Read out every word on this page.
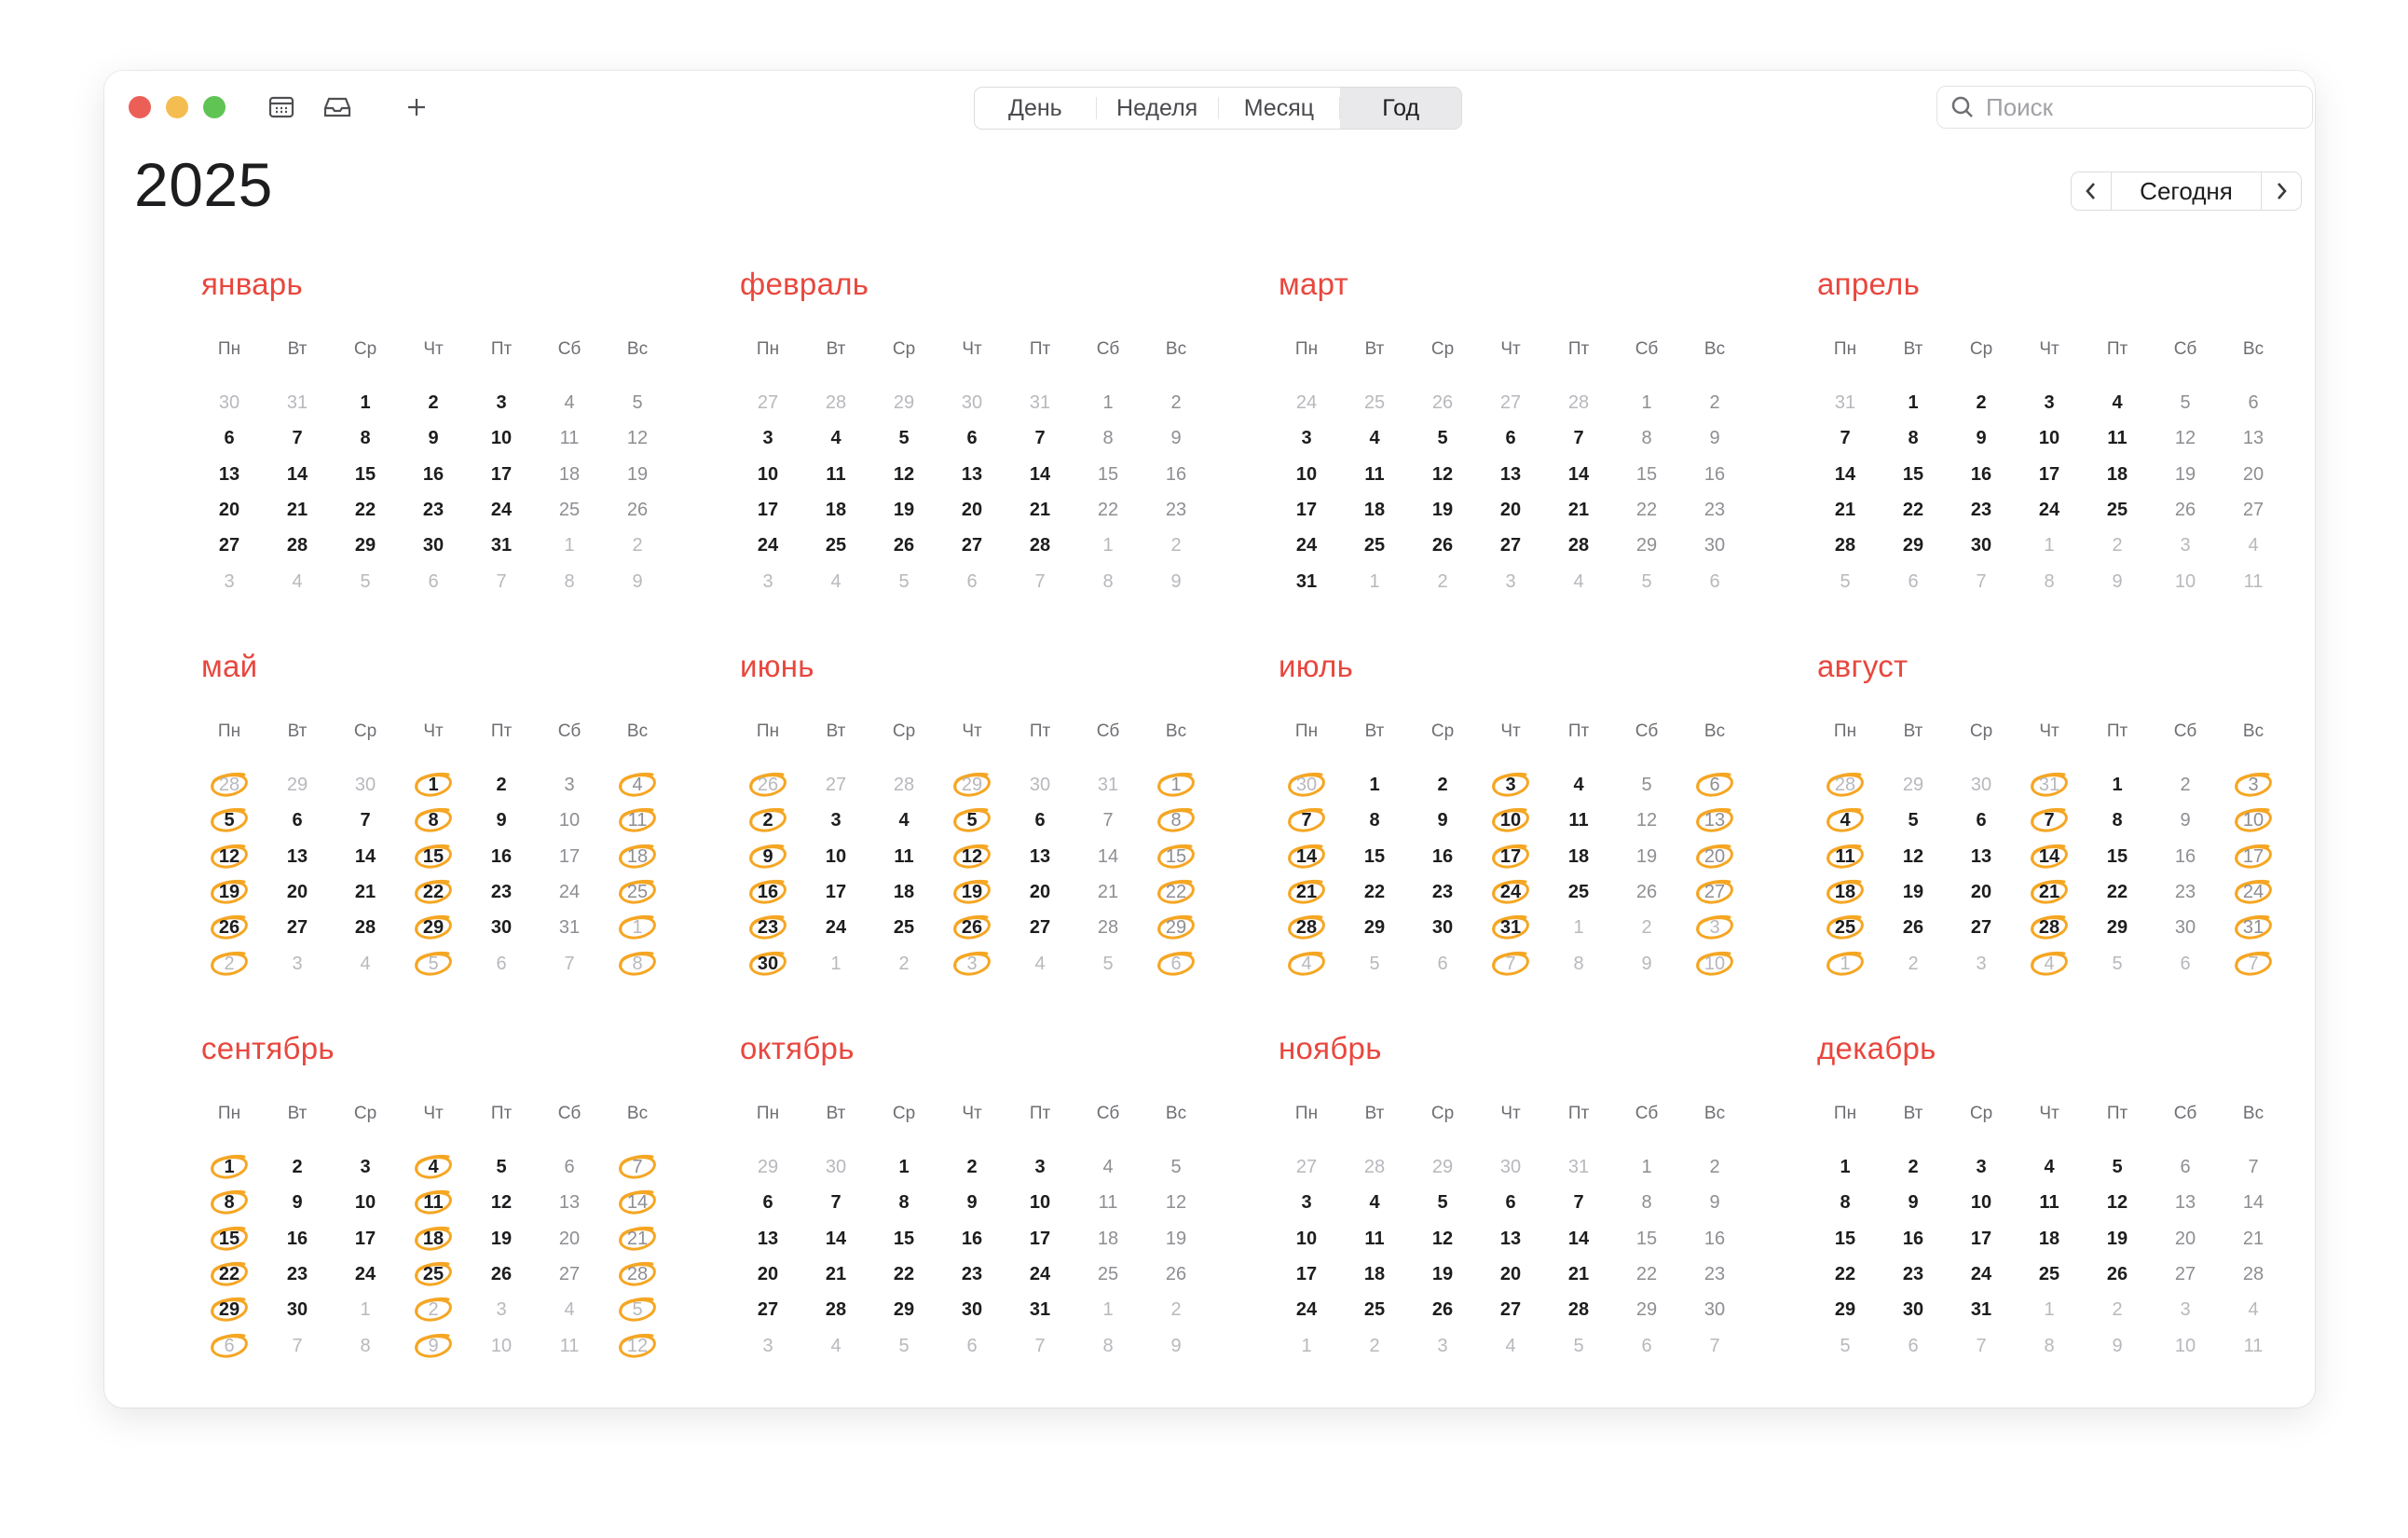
День	Неделя	Месяц	Год
Поиск
2025	Сегодня
январь
Пн	Вт	Ср	Чт	Пт	Сб	Вс
30	31	1	2	3	4	5
6	7	8	9	10	11	12
13	14	15	16	17	18	19
20	21	22	23	24	25	26
27	28	29	30	31	1	2
3	4	5	6	7	8	9
февраль
Пн	Вт	Ср	Чт	Пт	Сб	Вс
27	28	29	30	31	1	2
3	4	5	6	7	8	9
10	11	12	13	14	15	16
17	18	19	20	21	22	23
24	25	26	27	28	1	2
3	4	5	6	7	8	9
март
Пн	Вт	Ср	Чт	Пт	Сб	Вс
24	25	26	27	28	1	2
3	4	5	6	7	8	9
10	11	12	13	14	15	16
17	18	19	20	21	22	23
24	25	26	27	28	29	30
31	1	2	3	4	5	6
апрель
Пн	Вт	Ср	Чт	Пт	Сб	Вс
31	1	2	3	4	5	6
7	8	9	10	11	12	13
14	15	16	17	18	19	20
21	22	23	24	25	26	27
28	29	30	1	2	3	4
5	6	7	8	9	10	11
май
Пн	Вт	Ср	Чт	Пт	Сб	Вс
28	29	30	1	2	3	4
5	6	7	8	9	10	11
12	13	14	15	16	17	18
19	20	21	22	23	24	25
26	27	28	29	30	31	1
2	3	4	5	6	7	8
июнь
Пн	Вт	Ср	Чт	Пт	Сб	Вс
26	27	28	29	30	31	1
2	3	4	5	6	7	8
9	10	11	12	13	14	15
16	17	18	19	20	21	22
23	24	25	26	27	28	29
30	1	2	3	4	5	6
июль
Пн	Вт	Ср	Чт	Пт	Сб	Вс
30	1	2	3	4	5	6
7	8	9	10	11	12	13
14	15	16	17	18	19	20
21	22	23	24	25	26	27
28	29	30	31	1	2	3
4	5	6	7	8	9	10
август
Пн	Вт	Ср	Чт	Пт	Сб	Вс
28	29	30	31	1	2	3
4	5	6	7	8	9	10
11	12	13	14	15	16	17
18	19	20	21	22	23	24
25	26	27	28	29	30	31
1	2	3	4	5	6	7
сентябрь
Пн	Вт	Ср	Чт	Пт	Сб	Вс
1	2	3	4	5	6	7
8	9	10	11	12	13	14
15	16	17	18	19	20	21
22	23	24	25	26	27	28
29	30	1	2	3	4	5
6	7	8	9	10	11	12
октябрь
Пн	Вт	Ср	Чт	Пт	Сб	Вс
29	30	1	2	3	4	5
6	7	8	9	10	11	12
13	14	15	16	17	18	19
20	21	22	23	24	25	26
27	28	29	30	31	1	2
3	4	5	6	7	8	9
ноябрь
Пн	Вт	Ср	Чт	Пт	Сб	Вс
27	28	29	30	31	1	2
3	4	5	6	7	8	9
10	11	12	13	14	15	16
17	18	19	20	21	22	23
24	25	26	27	28	29	30
1	2	3	4	5	6	7
декабрь
Пн	Вт	Ср	Чт	Пт	Сб	Вс
1	2	3	4	5	6	7
8	9	10	11	12	13	14
15	16	17	18	19	20	21
22	23	24	25	26	27	28
29	30	31	1	2	3	4
5	6	7	8	9	10	11
